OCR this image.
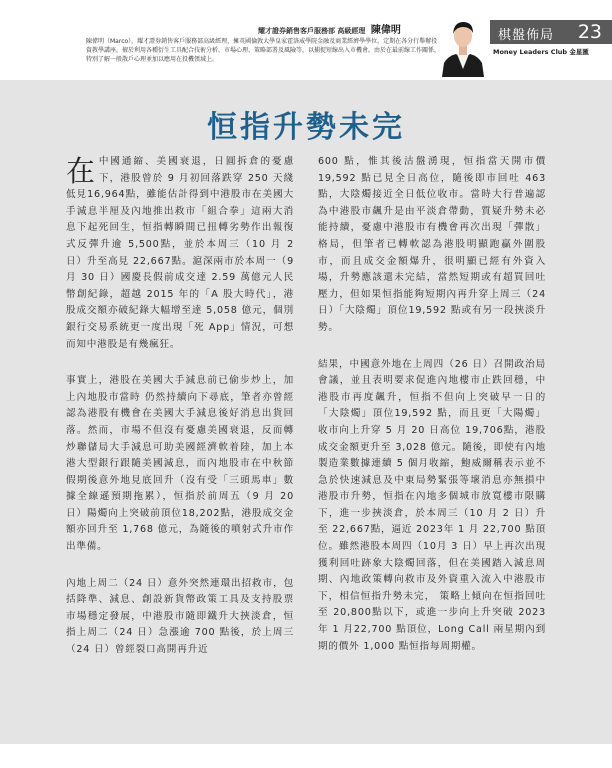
耀才證券銷售客戶服務部 高級經理 陳偉明

陳偉明（Marco），耀才證券銷售客戶服務部高級經理，擁英國倫敦大學皇家霍洛威學院金融及商業經濟學學位。定期在各分行舉辦投資教學講座，擅於利用各種衍生工具配合技術分析、市場心理、策略部署及風險等，以捕捉短線出入市機會。由於在最前線工作關係，特別了解一般散戶心理並加以應用在投機領域上。

棋盤佈局 23
Money Leaders Club 金星匯
恒指升勢未完

在中國通縮、美國衰退，日圓拆倉的憂慮下，港股曾於 9 月初回落跌穿 250 天綫低見16,964點，雖能估計得到中港股市在美國大手減息半厘及內地推出救市「組合拳」這兩大消息下起死回生，恒指轉瞬間已扭轉劣勢作出報復式反彈升逾 5,500點，並於本周三（10 月 2 日）升至高見 22,667點。滬深兩市於本周一（9 月 30 日）國慶長假前成交達 2.59 萬億元人民幣創紀錄，超越 2015 年的「A 股大時代」，港股成交額亦破紀錄大幅增至達 5,058 億元，個別銀行交易系統更一度出現「死 App」情況，可想而知中港股是有幾瘋狂。

事實上，港股在美國大手減息前已偷步炒上，加上內地股市當時 仍然持續向下尋底，筆者亦曾經認為港股有機會在美國大手減息後好消息出貨回落。然而，市場不但沒有憂慮美國衰退，反而轉炒聯儲局大手減息可助美國經濟軟着陸，加上本港大型銀行跟隨美國減息，而內地股市在中秋節假期後意外地見底回升（沒有受「三頭馬車」數據全線遜預期拖累），恒指於前周五（9 月 20 日）陽燭向上突破前頂位18,202點，港股成交金額亦回升至 1,768 億元，為隨後的噴射式升市作出準備。

內地上周二（24 日）意外突然連環出招救市，包括降準、減息、創設新貨幣政策工具及支持股票市場穩定發展，中港股市隨即鐵升大挾淡倉，恒指上周二（24 日）急漲逾 700 點後，於上周三（24 日）曾經裂口高開再升近

600 點，惟其後沽盤湧現，恒指當天開市價19,592 點已見全日高位，隨後即市回吐 463點，大陰燭接近全日低位收市。當時大行普遍認為中港股市飆升是由平淡倉帶動，質疑升勢未必能持續，憂慮中港股市有機會再次出現「彈散」格局，但筆者已轉軟認為港股明顯跑贏外圍股市，而且成交金額爆升，很明顯已經有外資入場，升勢應該還未完結，當然短期或有超買回吐壓力，但如果恒指能夠短期內再升穿上周三（24 日）「大陰燭」頂位19,592 點或有另一段挾淡升勢。

結果，中國意外地在上周四（26 日）召開政治局會議，並且表明要求促進內地樓市止跌回穩，中港股市再度飆升，恒指不但向上突破早一日的「大陰燭」頂位19,592 點，而且更「大陽燭」收市向上升穿 5 月 20 日高位 19,706點，港股成交金額更升至 3,028 億元。隨後，即使有內地製造業數據連續 5 個月收縮，鮑威爾稱表示並不急於快速減息及中東局勢緊張等壞消息亦無損中港股市升勢，恒指在內地多個城市放寬樓市限購下，進一步挾淡倉，於本周三（10 月 2 日）升至 22,667點，逼近 2023年 1 月 22,700 點頂位。雖然港股本周四（10月 3 日）早上再次出現獲利回吐跡象大陰燭回落，但在美國踏入減息周期、內地政策轉向救市及外資重入流入中港股市下，相信恒指升勢未完， 策略上傾向在恒指回吐至 20,800點以下，或進一步向上升突破 2023 年 1 月22,700 點頂位，Long Call 兩星期內到期的價外 1,000 點恒指每周期權。
